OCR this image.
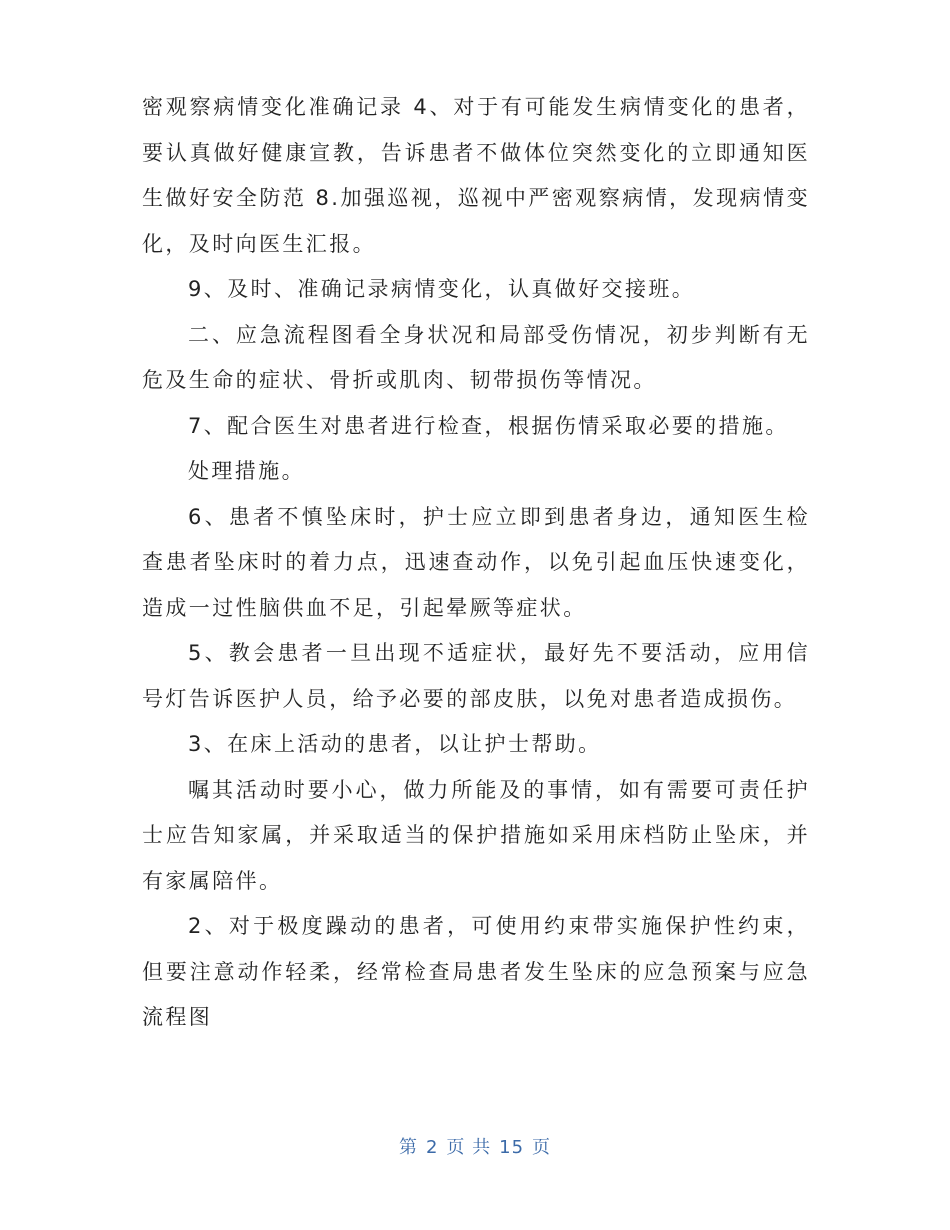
密观察病情变化准确记录 4、对于有可能发生病情变化的患者，要认真做好健康宣教，告诉患者不做体位突然变化的立即通知医生做好安全防范 8.加强巡视，巡视中严密观察病情，发现病情变化，及时向医生汇报。

9、及时、准确记录病情变化，认真做好交接班。

二、应急流程图看全身状况和局部受伤情况，初步判断有无危及生命的症状、骨折或肌肉、韧带损伤等情况。

7、配合医生对患者进行检查，根据伤情采取必要的措施。

处理措施。

6、患者不慎坠床时，护士应立即到患者身边，通知医生检查患者坠床时的着力点，迅速查动作，以免引起血压快速变化，造成一过性脑供血不足，引起晕厥等症状。

5、教会患者一旦出现不适症状，最好先不要活动，应用信号灯告诉医护人员，给予必要的部皮肤，以免对患者造成损伤。

3、在床上活动的患者，以让护士帮助。

嘱其活动时要小心，做力所能及的事情，如有需要可责任护士应告知家属，并采取适当的保护措施如采用床档防止坠床，并有家属陪伴。

2、对于极度躁动的患者，可使用约束带实施保护性约束，但要注意动作轻柔，经常检查局患者发生坠床的应急预案与应急流程图

第 2 页 共 15 页
